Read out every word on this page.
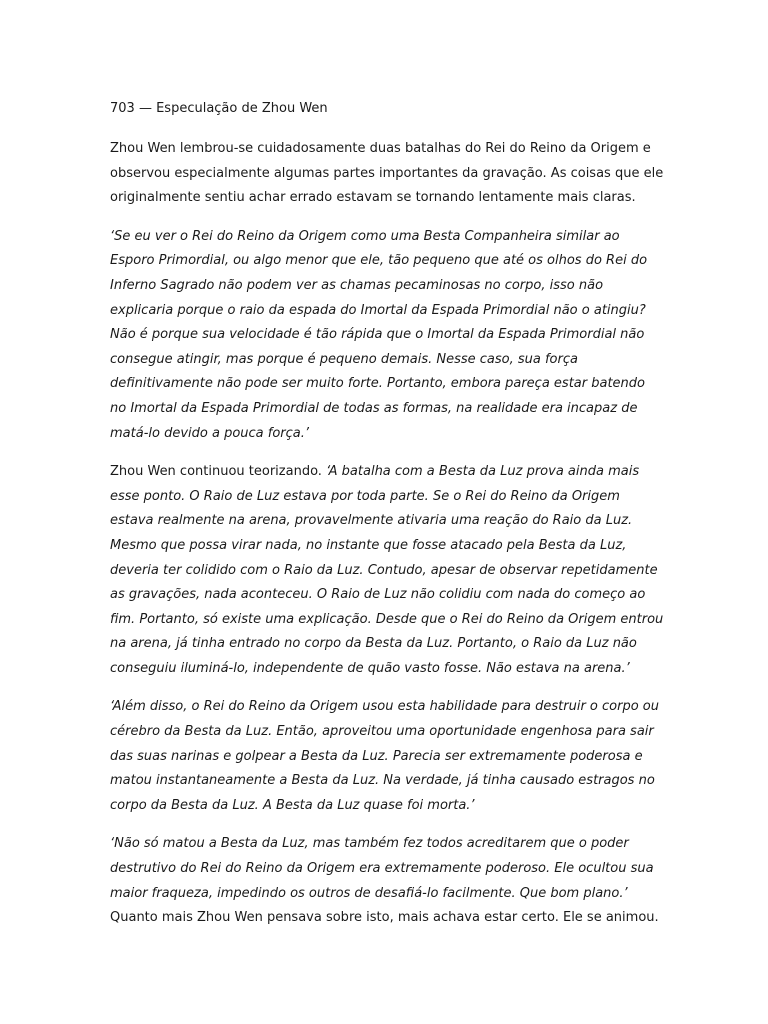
703 — Especulação de Zhou Wen

Zhou Wen lembrou-se cuidadosamente duas batalhas do Rei do Reino da Origem e observou especialmente algumas partes importantes da gravação. As coisas que ele originalmente sentiu achar errado estavam se tornando lentamente mais claras.

‘Se eu ver o Rei do Reino da Origem como uma Besta Companheira similar ao Esporo Primordial, ou algo menor que ele, tão pequeno que até os olhos do Rei do Inferno Sagrado não podem ver as chamas pecaminosas no corpo, isso não explicaria porque o raio da espada do Imortal da Espada Primordial não o atingiu? Não é porque sua velocidade é tão rápida que o Imortal da Espada Primordial não consegue atingir, mas porque é pequeno demais. Nesse caso, sua força definitivamente não pode ser muito forte. Portanto, embora pareça estar batendo no Imortal da Espada Primordial de todas as formas, na realidade era incapaz de matá-lo devido a pouca força.’

Zhou Wen continuou teorizando. ‘A batalha com a Besta da Luz prova ainda mais esse ponto. O Raio de Luz estava por toda parte. Se o Rei do Reino da Origem estava realmente na arena, provavelmente ativaria uma reação do Raio da Luz. Mesmo que possa virar nada, no instante que fosse atacado pela Besta da Luz, deveria ter colidido com o Raio da Luz. Contudo, apesar de observar repetidamente as gravações, nada aconteceu. O Raio de Luz não colidiu com nada do começo ao fim. Portanto, só existe uma explicação. Desde que o Rei do Reino da Origem entrou na arena, já tinha entrado no corpo da Besta da Luz. Portanto, o Raio da Luz não conseguiu iluminá-lo, independente de quão vasto fosse. Não estava na arena.’

‘Além disso, o Rei do Reino da Origem usou esta habilidade para destruir o corpo ou cérebro da Besta da Luz. Então, aproveitou uma oportunidade engenhosa para sair das suas narinas e golpear a Besta da Luz. Parecia ser extremamente poderosa e matou instantaneamente a Besta da Luz. Na verdade, já tinha causado estragos no corpo da Besta da Luz. A Besta da Luz quase foi morta.’

‘Não só matou a Besta da Luz, mas também fez todos acreditarem que o poder destrutivo do Rei do Reino da Origem era extremamente poderoso. Ele ocultou sua maior fraqueza, impedindo os outros de desafiá-lo facilmente. Que bom plano.’ Quanto mais Zhou Wen pensava sobre isto, mais achava estar certo. Ele se animou.
